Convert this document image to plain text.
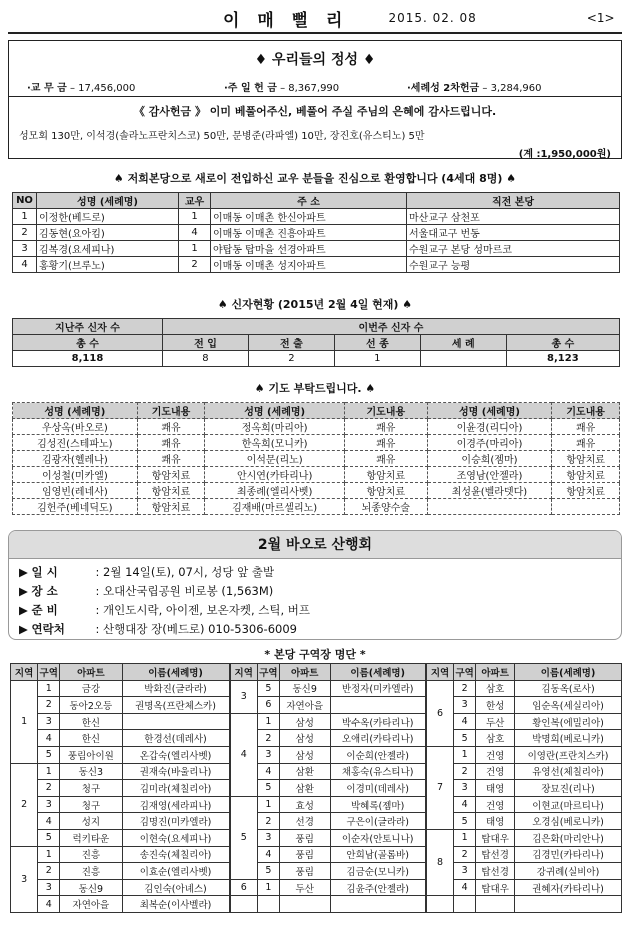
이 매 뻘 리	2015. 02. 08	<1>
♦ 우리들의 정성 ♦
·교 무 금 – 17,456,000	·주 일 헌 금 – 8,367,990	·세례성 2차헌금 – 3,284,960
《 감사헌금 》 이미 베풀어주신, 베풀어 주실 주님의 은혜에 감사드립니다.
성모회 130만, 이석경(솔라노프란치스코) 50만, 문병준(라파엘) 10만, 장진호(유스티노) 5만
(계 :1,950,000원)
♠ 저희본당으로 새로이 전입하신 교우 분들을 진심으로 환영합니다 (4세대 8명) ♠
NO	성명 (세례명)	교우	주 소	직전 본당
1	이정한(베드로)	1	이매동 이매촌 한신아파트	마산교구 삼천포
2	김동현(요아킴)	4	이매동 이매촌 진흥아파트	서울대교구 번동
3	김복경(요세피나)	1	야탑동 탑마을 선경아파트	수원교구 본당 성마르코
4	홍황기(브루노)	2	이매동 이매촌 성지아파트	수원교구 능평
♠ 신자현황 (2015년 2월 4일 현재) ♠
지난주 신자 수	이번주 신자 수				
총 수	전 입	전 출	선 종	세 례	총 수
8,118	8	2	1		8,123
♠ 기도 부탁드립니다. ♠
성명 (세례명)	기도내용	성명 (세례명)	기도내용	성명 (세례명)	기도내용
우상옥(바오로)	쾌유	정옥희(마리아)	쾌유	이윤경(리디아)	쾌유
김성진(스테파노)	쾌유	한옥희(모니카)	쾌유	이경주(마리아)	쾌유
김광자(헬레나)	쾌유	이석문(리노)	쾌유	이승희(젬마)	항암치료
이성철(미카엘)	항암치료	안시연(카타리나)	항암치료	조영남(안젤라)	항암치료
임영빈(레네사)	항암치료	최종례(엘리사벳)	항암치료	최성윤(벨라뎃다)	항암치료
김헌주(베네딕도)	항암치료	김재배(마르셀리노)	뇌종양수술		
2월 바오로 산행회
▶ 일 시	: 2월 14일(토), 07시, 성당 앞 출발
▶ 장 소	: 오대산국립공원 비로봉 (1,563M)
▶ 준 비	: 개인도시락, 아이젠, 보온자켓, 스틱, 버프
▶ 연락처	: 산행대장 장(베드로) 010-5306-6009
* 본당 구역장 명단 *
지역	구역	아파트	이름(세례명)	지역	구역	아파트	이름(세례명)	지역	구역	아파트	이름(세례명)
1	1	금강	박화진(글라라)	3	5	동신9	반정자(미카엘라)	6	2	삼호	김동옥(로사)
	2	동아2오등	권명옥(프란체스카)		6	자연아을			3	한성	임순옥(세실리아)
	3	한신		4	1	삼성	박수옥(카타리나)		4	두산	황인복(에밀리아)
	4	한신	한경선(데레사)		2	삼성	오애리(카타리나)		5	삼호	박명희(베로니카)
	5	풍림아이원	온갑숙(엘리사벳)		3	삼성	이순희(안젤라)	7	1	건영	이영란(프란치스카)
2	1	동신3	권재숙(바울리나)		4	삼환	채홍숙(유스티나)		2	건영	유영선(체칠리아)
	2	청구	김미라(체칠리아)		5	삼환	이경미(데레사)		3	태영	장묘진(리나)
	3	청구	김재영(세라피나)	5	1	효성	박혜록(젬마)		4	건영	이현교(마르티나)
	4	성지	김명진(미카엘라)		2	선경	구은이(글라라)		5	태영	오경심(베로니카)
	5	럭키타운	이현숙(요세피나)		3	풍림	이순자(안토니나)	8	1	탑대우	김은화(마리안나)
3	1	진흥	송진숙(체칠리아)		4	풍림	안희남(골롬바)		2	탑선경	김경민(카타리나)
	2	진흥	이효순(엘리사벳)		5	풍림	김금순(모니카)		3	탑선경	강귀례(실비아)
	3	동신9	김인숙(아녜스)	6	1	두산	김윤주(안젤라)		4	탑대우	권혜자(카타리나)
	4	자연아을	최복순(이사벨라)								
